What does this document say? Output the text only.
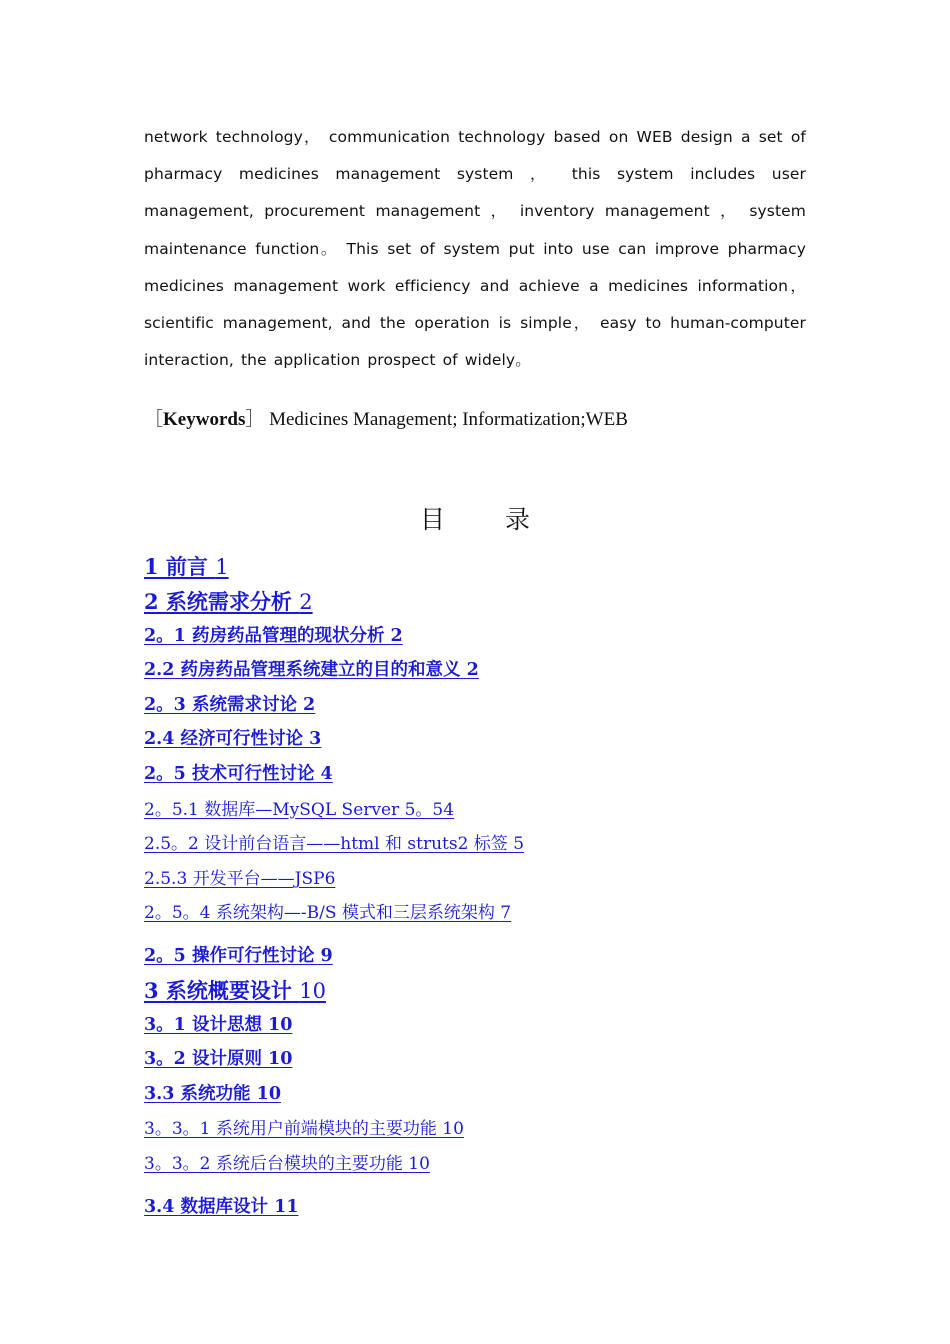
network technology， communication technology based on WEB design a set of pharmacy medicines management system ， this system includes user management, procurement management ， inventory management ， system maintenance function。 This set of system put into use can improve pharmacy medicines management work efficiency and achieve a medicines information， scientific management, and the operation is simple， easy to human-computer interaction, the application prospect of widely。

［Keywords］ Medicines Management; Informatization;WEB
目 录
1 前言 1
2 系统需求分析 2
2。1 药房药品管理的现状分析 2
2.2 药房药品管理系统建立的目的和意义 2
2。3 系统需求讨论 2
2.4 经济可行性讨论 3
2。5 技术可行性讨论 4
2。5.1 数据库—MySQL Server 5。54
2.5。2 设计前台语言——html 和 struts2 标签 5
2.5.3 开发平台——JSP6
2。5。4 系统架构—-B/S 模式和三层系统架构 7
2。5 操作可行性讨论 9
3 系统概要设计 10
3。1 设计思想 10
3。2 设计原则 10
3.3 系统功能 10
3。3。1 系统用户前端模块的主要功能 10
3。3。2 系统后台模块的主要功能 10
3.4 数据库设计 11
